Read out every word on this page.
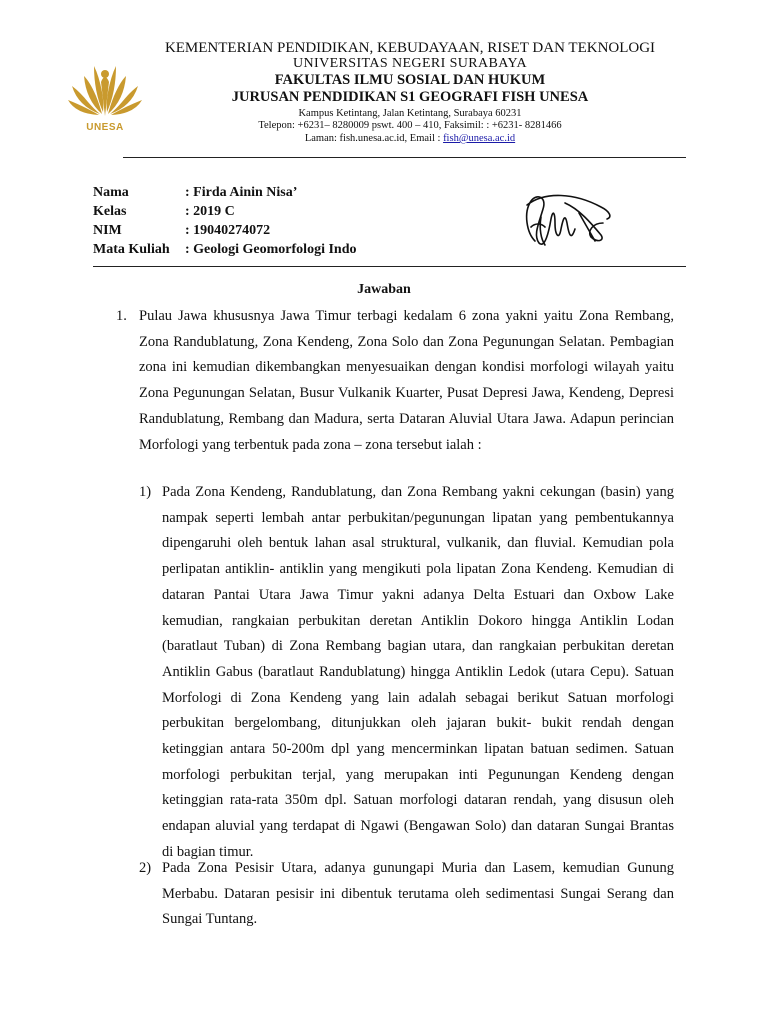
UNESA
KEMENTERIAN PENDIDIKAN, KEBUDAYAAN, RISET DAN TEKNOLOGI
UNIVERSITAS NEGERI SURABAYA
FAKULTAS ILMU SOSIAL DAN HUKUM
JURUSAN PENDIDIKAN S1 GEOGRAFI FISH UNESA
Kampus Ketintang, Jalan Ketintang, Surabaya 60231
Telepon: +6231– 8280009 pswt. 400 – 410, Faksimil: : +6231- 8281466
Laman: fish.unesa.ac.id, Email : fish@unesa.ac.id
Nama	: Firda Ainin Nisa’
Kelas	: 2019 C
NIM	: 19040274072
Mata Kuliah : Geologi Geomorfologi Indo
Jawaban
1. Pulau Jawa khususnya Jawa Timur terbagi kedalam 6 zona yakni yaitu Zona Rembang, Zona Randublatung, Zona Kendeng, Zona Solo dan Zona Pegunungan Selatan. Pembagian zona ini kemudian dikembangkan menyesuaikan dengan kondisi morfologi wilayah yaitu Zona Pegunungan Selatan, Busur Vulkanik Kuarter, Pusat Depresi Jawa, Kendeng, Depresi Randublatung, Rembang dan Madura, serta Dataran Aluvial Utara Jawa. Adapun perincian Morfologi yang terbentuk pada zona – zona tersebut ialah :
1) Pada Zona Kendeng, Randublatung, dan Zona Rembang yakni cekungan (basin) yang nampak seperti lembah antar perbukitan/pegunungan lipatan yang pembentukannya dipengaruhi oleh bentuk lahan asal struktural, vulkanik, dan fluvial. Kemudian pola perlipatan antiklin- antiklin yang mengikuti pola lipatan Zona Kendeng. Kemudian di dataran Pantai Utara Jawa Timur yakni adanya Delta Estuari dan Oxbow Lake kemudian, rangkaian perbukitan deretan Antiklin Dokoro hingga Antiklin Lodan (baratlaut Tuban) di Zona Rembang bagian utara, dan rangkaian perbukitan deretan Antiklin Gabus (baratlaut Randublatung) hingga Antiklin Ledok (utara Cepu). Satuan Morfologi di Zona Kendeng yang lain adalah sebagai berikut Satuan morfologi perbukitan bergelombang, ditunjukkan oleh jajaran bukit- bukit rendah dengan ketinggian antara 50-200m dpl yang mencerminkan lipatan batuan sedimen. Satuan morfologi perbukitan terjal, yang merupakan inti Pegunungan Kendeng dengan ketinggian rata-rata 350m dpl. Satuan morfologi dataran rendah, yang disusun oleh endapan aluvial yang terdapat di Ngawi (Bengawan Solo) dan dataran Sungai Brantas di bagian timur.
2) Pada Zona Pesisir Utara, adanya gunungapi Muria dan Lasem, kemudian Gunung Merbabu. Dataran pesisir ini dibentuk terutama oleh sedimentasi Sungai Serang dan Sungai Tuntang.
